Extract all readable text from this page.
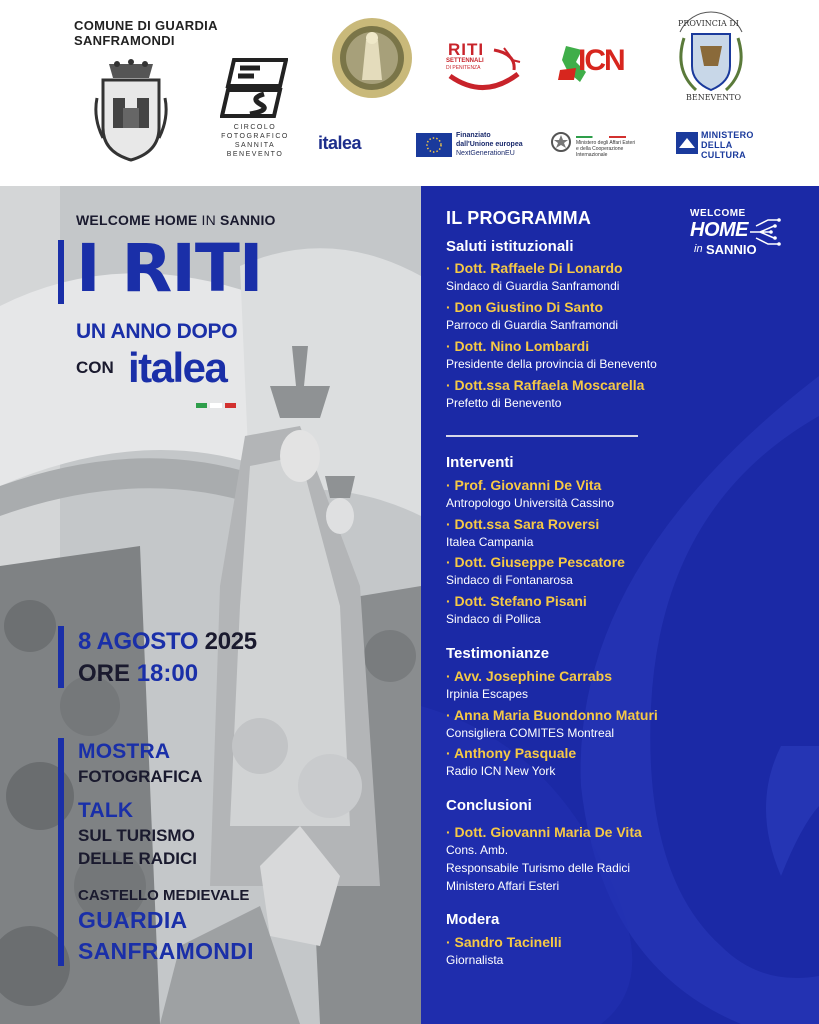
COMUNE DI GUARDIA
SANFRAMONDI
CIRCOLO
FOTOGRAFICO
SANNITA
BENEVENTO
RITI
SETTENNALI
DI PENITENZA	ICN
PROVINCIA DI
BENEVENTO
italea	Finanziato
dall'Unione europea
NextGenerationEU
Ministero degli Affari Esteri
e della Cooperazione Internazionale
MINISTERO
DELLA
CULTURA
WELCOME HOME IN SANNIO
I RITI
UN ANNO DOPO
CON italea
8 AGOSTO 2025
ORE 18:00
MOSTRA
FOTOGRAFICA
TALK
SUL TURISMO
DELLE RADICI
CASTELLO MEDIEVALE
GUARDIA
SANFRAMONDI
IL PROGRAMMA	WELCOME
HOME
in SANNIO
Saluti istituzionali
· Dott. Raffaele Di Lonardo
Sindaco di Guardia Sanframondi
· Don Giustino Di Santo
Parroco di Guardia Sanframondi
· Dott. Nino Lombardi
Presidente della provincia di Benevento
· Dott.ssa Raffaela Moscarella
Prefetto di Benevento
Interventi
· Prof. Giovanni De Vita
Antropologo Università Cassino
· Dott.ssa Sara Roversi
Italea Campania
· Dott. Giuseppe Pescatore
Sindaco di Fontanarosa
· Dott. Stefano Pisani
Sindaco di Pollica
Testimonianze
· Avv. Josephine Carrabs
Irpinia Escapes
· Anna Maria Buondonno Maturi
Consigliera COMITES Montreal
· Anthony Pasquale
Radio ICN New York
Conclusioni
· Dott. Giovanni Maria De Vita
Cons. Amb.
Responsabile Turismo delle Radici
Ministero Affari Esteri
Modera
· Sandro Tacinelli
Giornalista
